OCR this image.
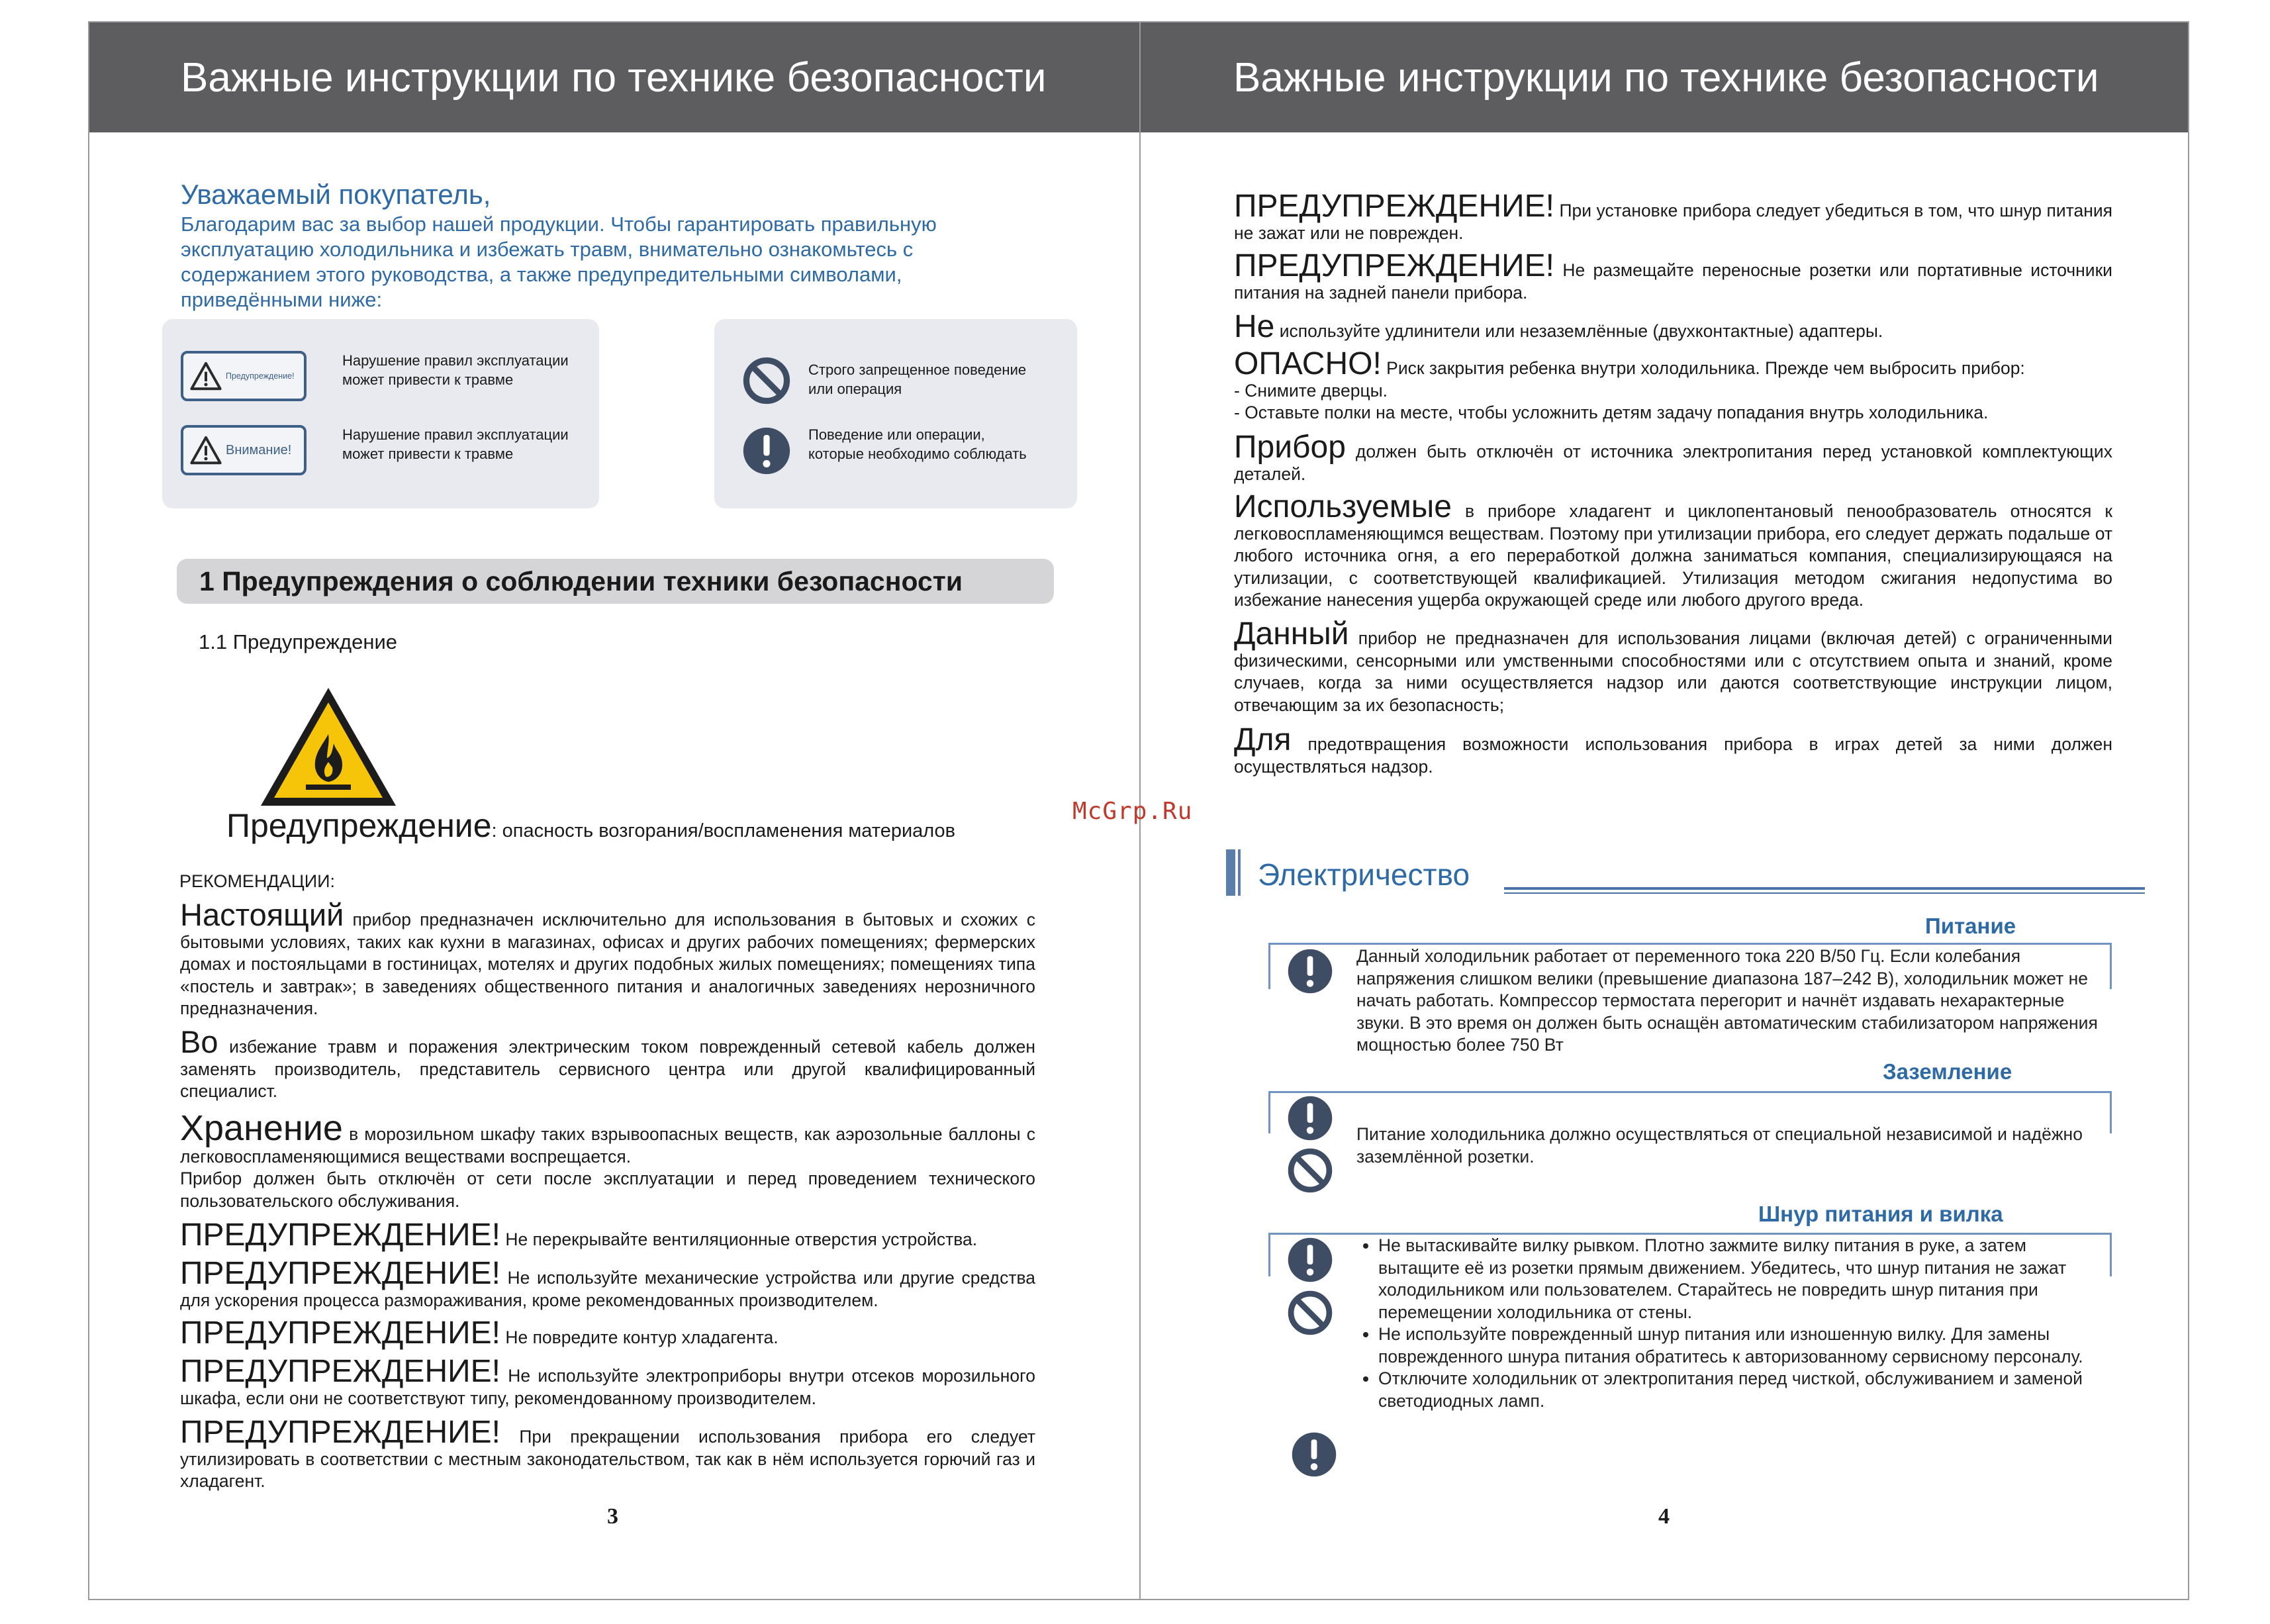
Важные инструкции по технике безопасности
Уважаемый покупатель,
Благодарим вас за выбор нашей продукции. Чтобы гарантировать правильную эксплуатацию холодильника и избежать травм, внимательно ознакомьтесь с содержанием этого руководства, а также предупредительными символами, приведёнными ниже:
Предупреждение!
Нарушение правил эксплуатации может привести к травме
Внимание!
Нарушение правил эксплуатации может привести к травме
Строго запрещенное поведение или операция
Поведение или операции, которые необходимо соблюдать
1 Предупреждения о соблюдении техники безопасности
1.1 Предупреждение
Предупреждение: опасность возгорания/воспламенения материалов
РЕКОМЕНДАЦИИ:
Настоящий прибор предназначен исключительно для использования в бытовых и схожих с бытовыми условиях, таких как кухни в магазинах, офисах и других рабочих помещениях; фермерских домах и постояльцами в гостиницах, мотелях и других подобных жилых помещениях; помещениях типа «постель и завтрак»; в заведениях общественного питания и аналогичных заведениях нерозничного предназначения.
Во избежание травм и поражения электрическим током поврежденный сетевой кабель должен заменять производитель, представитель сервисного центра или другой квалифицированный специалист.
Хранение в морозильном шкафу таких взрывоопасных веществ, как аэрозольные баллоны с легковоспламеняющимися веществами воспрещается.
Прибор должен быть отключён от сети после эксплуатации и перед проведением технического пользовательского обслуживания.
ПРЕДУПРЕЖДЕНИЕ! Не перекрывайте вентиляционные отверстия устройства.
ПРЕДУПРЕЖДЕНИЕ! Не используйте механические устройства или другие средства для ускорения процесса размораживания, кроме рекомендованных производителем.
ПРЕДУПРЕЖДЕНИЕ! Не повредите контур хладагента.
ПРЕДУПРЕЖДЕНИЕ! Не используйте электроприборы внутри отсеков морозильного шкафа, если они не соответствуют типу, рекомендованному производителем.
ПРЕДУПРЕЖДЕНИЕ! При прекращении использования прибора его следует утилизировать в соответствии с местным законодательством, так как в нём используется горючий газ и хладагент.
3
Важные инструкции по технике безопасности
ПРЕДУПРЕЖДЕНИЕ! При установке прибора следует убедиться в том, что шнур питания не зажат или не поврежден.
ПРЕДУПРЕЖДЕНИЕ! Не размещайте переносные розетки или портативные источники питания на задней панели прибора.
Не используйте удлинители или незаземлённые (двухконтактные) адаптеры.
ОПАСНО! Риск закрытия ребенка внутри холодильника. Прежде чем выбросить прибор:
- Снимите дверцы.
- Оставьте полки на месте, чтобы усложнить детям задачу попадания внутрь холодильника.
Прибор должен быть отключён от источника электропитания перед установкой комплектующих деталей.
Используемые в приборе хладагент и циклопентановый пенообразователь относятся к легковоспламеняющимся веществам. Поэтому при утилизации прибора, его следует держать подальше от любого источника огня, а его переработкой должна заниматься компания, специализирующаяся на утилизации, с соответствующей квалификацией. Утилизация методом сжигания недопустима во избежание нанесения ущерба окружающей среде или любого другого вреда.
Данный прибор не предназначен для использования лицами (включая детей) с ограниченными физическими, сенсорными или умственными способностями или с отсутствием опыта и знаний, кроме случаев, когда за ними осуществляется надзор или даются соответствующие инструкции лицом, отвечающим за их безопасность;
Для предотвращения возможности использования прибора в играх детей за ними должен осуществляться надзор.
McGrp.Ru
Электричество
Питание
Данный холодильник работает от переменного тока 220 В/50 Гц. Если колебания напряжения слишком велики (превышение диапазона 187–242 В), холодильник может не начать работать. Компрессор термостата перегорит и начнёт издавать нехарактерные звуки. В это время он должен быть оснащён автоматическим стабилизатором напряжения мощностью более 750 Вт
Заземление
Питание холодильника должно осуществляться от специальной независимой и надёжно заземлённой розетки.
Шнур питания и вилка
• Не вытаскивайте вилку рывком. Плотно зажмите вилку питания в руке, а затем вытащите её из розетки прямым движением. Убедитесь, что шнур питания не зажат холодильником или пользователем. Старайтесь не повредить шнур питания при перемещении холодильника от стены.
• Не используйте поврежденный шнур питания или изношенную вилку. Для замены поврежденного шнура питания обратитесь к авторизованному сервисному персоналу.
• Отключите холодильник от электропитания перед чисткой, обслуживанием и заменой светодиодных ламп.
4
